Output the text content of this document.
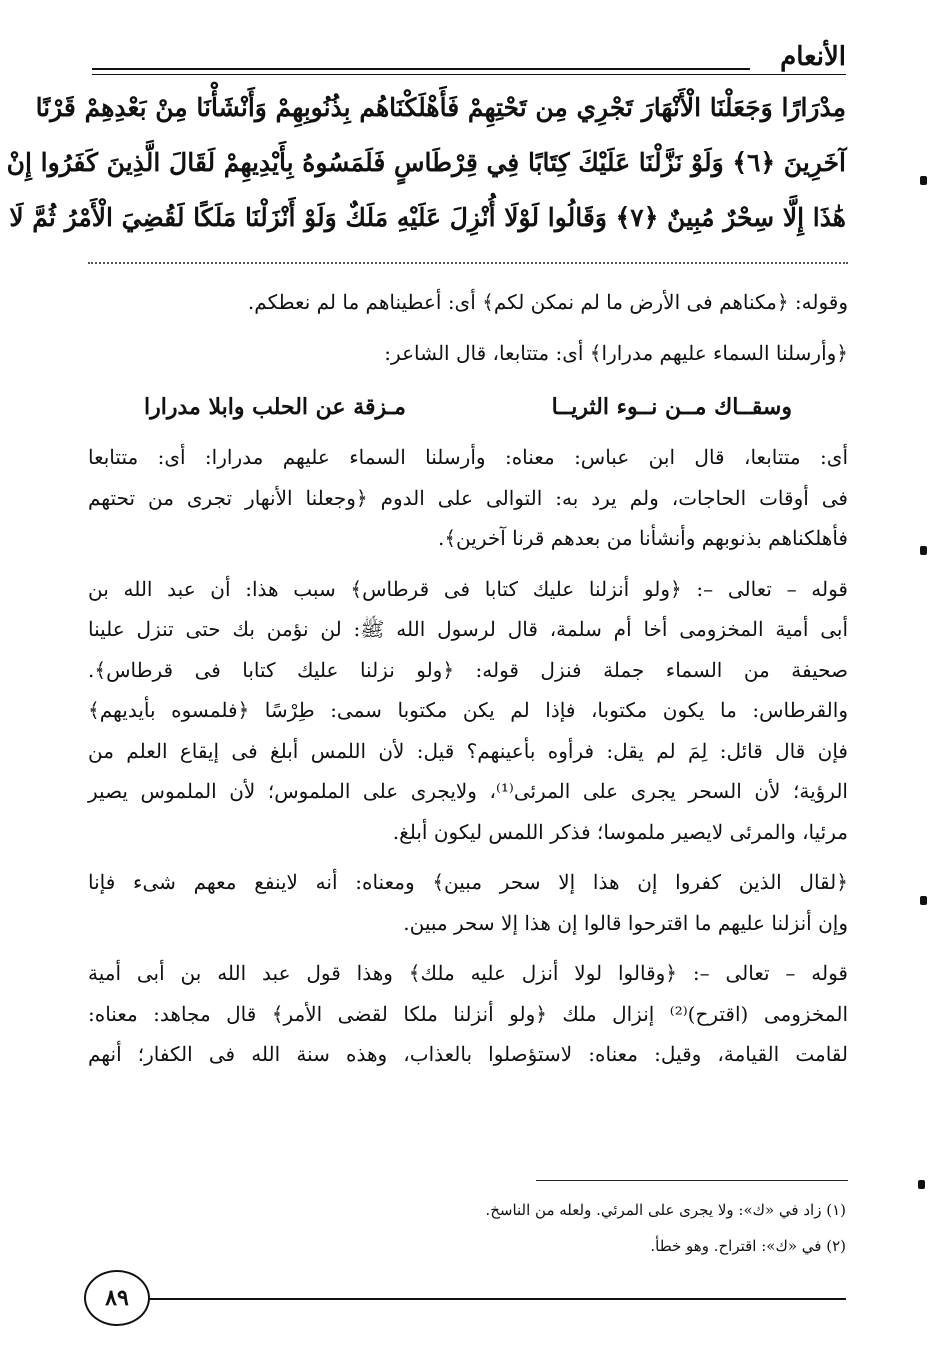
الأنعام
مِدْرَارًا وَجَعَلْنَا الْأَنْهَارَ تَجْرِي مِن تَحْتِهِمْ فَأَهْلَكْنَاهُم بِذُنُوبِهِمْ وَأَنْشَأْنَا مِنْ بَعْدِهِمْ قَرْنًا
آخَرِينَ ﴿٦﴾ وَلَوْ نَزَّلْنَا عَلَيْكَ كِتَابًا فِي قِرْطَاسٍ فَلَمَسُوهُ بِأَيْدِيهِمْ لَقَالَ الَّذِينَ كَفَرُوا إِنْ
هَٰذَا إِلَّا سِحْرٌ مُبِينٌ ﴿٧﴾ وَقَالُوا لَوْلَا أُنْزِلَ عَلَيْهِ مَلَكٌ وَلَوْ أَنْزَلْنَا مَلَكًا لَقُضِيَ الْأَمْرُ ثُمَّ لَا
وقوله: ﴿مكناهم فى الأرض ما لم نمكن لكم﴾ أى: أعطيناهم ما لم نعطكم.
﴿وأرسلنا السماء عليهم مدرارا﴾ أى: متتابعا، قال الشاعر:
وسقــاك مــن نــوء الثريــا
مـزقة عن الحلب وابلا مدرارا
أى: متتابعا، قال ابن عباس: معناه: وأرسلنا السماء عليهم مدرارا: أى: متتابعا
فى أوقات الحاجات، ولم يرد به: التوالى على الدوم ﴿وجعلنا الأنهار تجرى من تحتهم
فأهلكناهم بذنوبهم وأنشأنا من بعدهم قرنا آخرين﴾.
قوله – تعالى –: ﴿ولو أنزلنا عليك كتابا فى قرطاس﴾ سبب هذا: أن عبد الله بن
أبى أمية المخزومى أخا أم سلمة، قال لرسول الله ﷺ: لن نؤمن بك حتى تنزل علينا
صحيفة من السماء جملة فنزل قوله: ﴿ولو نزلنا عليك كتابا فى قرطاس﴾.
والقرطاس: ما يكون مكتوبا، فإذا لم يكن مكتوبا سمى: طِرْسًا ﴿فلمسوه بأيديهم﴾
فإن قال قائل: لِمَ لم يقل: فرأوه بأعينهم؟ قيل: لأن اللمس أبلغ فى إيقاع العلم من
الرؤية؛ لأن السحر يجرى على المرئى⁽¹⁾، ولايجرى على الملموس؛ لأن الملموس يصير
مرئيا، والمرئى لايصير ملموسا؛ فذكر اللمس ليكون أبلغ.
﴿لقال الذين كفروا إن هذا إلا سحر مبين﴾ ومعناه: أنه لاينفع معهم شىء فإنا
وإن أنزلنا عليهم ما اقترحوا قالوا إن هذا إلا سحر مبين.
قوله – تعالى –: ﴿وقالوا لولا أنزل عليه ملك﴾ وهذا قول عبد الله بن أبى أمية
المخزومى (اقترح)⁽²⁾ إنزال ملك ﴿ولو أنزلنا ملكا لقضى الأمر﴾ قال مجاهد: معناه:
لقامت القيامة، وقيل: معناه: لاستؤصلوا بالعذاب، وهذه سنة الله فى الكفار؛ أنهم
(١) زاد في «ك»: ولا يجرى على المرئي. ولعله من الناسخ.
(٢) في «ك»: اقتراح. وهو خطأ.
٨٩
